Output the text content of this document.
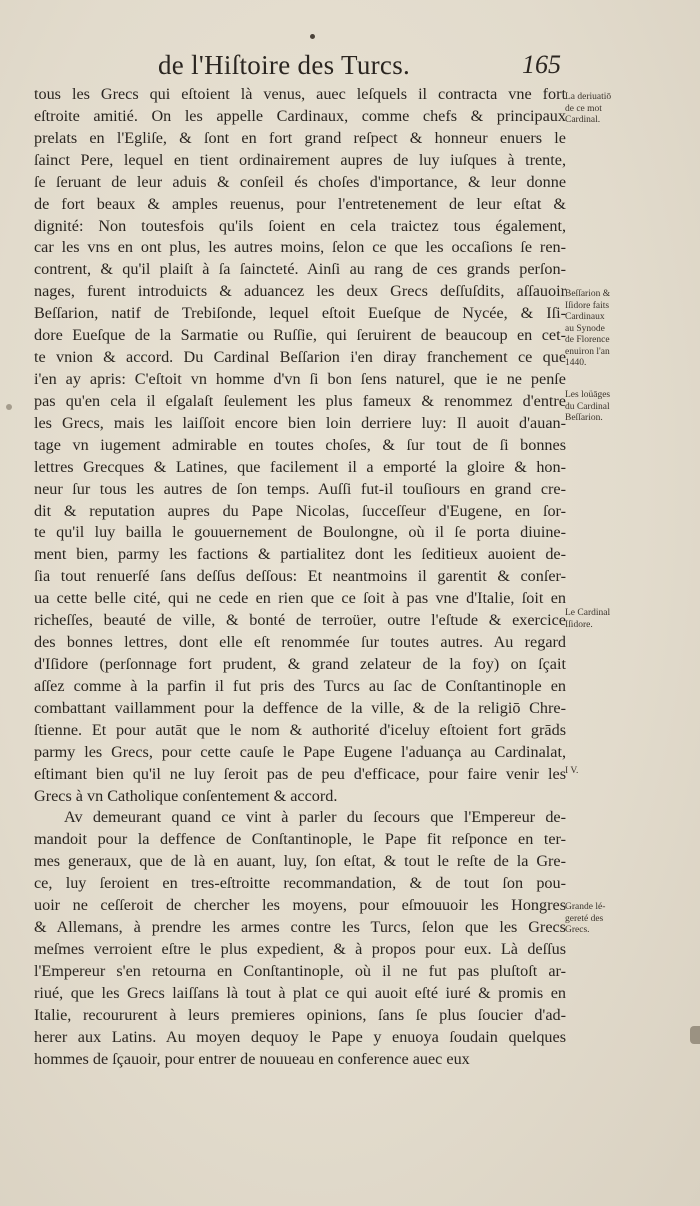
de l'Hiſtoire des Turcs.	165
tous les Grecs qui eſtoient là venus, auec leſquels il contracta vne fort
eſtroite amitié. On les appelle Cardinaux, comme chefs & principaux
prelats en l'Egliſe, & ſont en fort grand reſpect & honneur enuers le
ſainct Pere, lequel en tient ordinairement aupres de luy iuſques à trente,
ſe ſeruant de leur aduis & conſeil és choſes d'importance, & leur donne
de fort beaux & amples reuenus, pour l'entretenement de leur eſtat &
dignité: Non toutesfois qu'ils ſoient en cela traictez tous également,
car les vns en ont plus, les autres moins, ſelon ce que les occaſions ſe ren-
contrent, & qu'il plaiſt à ſa ſaincteté. Ainſi au rang de ces grands perſon-
nages, furent introduicts & aduancez les deux Grecs deſſuſdits, aſſauoir
Beſſarion, natif de Trebiſonde, lequel eſtoit Eueſque de Nycée, & Iſi-
dore Eueſque de la Sarmatie ou Ruſſie, qui ſeruirent de beaucoup en cet-
te vnion & accord. Du Cardinal Beſſarion i'en diray franchement ce que
i'en ay apris: C'eſtoit vn homme d'vn ſi bon ſens naturel, que ie ne penſe
pas qu'en cela il eſgalaſt ſeulement les plus fameux & renommez d'entre
les Grecs, mais les laiſſoit encore bien loin derriere luy: Il auoit d'auan-
tage vn iugement admirable en toutes choſes, & ſur tout de ſi bonnes
lettres Grecques & Latines, que facilement il a emporté la gloire & hon-
neur ſur tous les autres de ſon temps. Auſſi fut-il touſiours en grand cre-
dit & reputation aupres du Pape Nicolas, ſucceſſeur d'Eugene, en ſor-
te qu'il luy bailla le gouuernement de Boulongne, où il ſe porta diuine-
ment bien, parmy les factions & partialitez dont les ſeditieux auoient de-
ſia tout renuerſé ſans deſſus deſſous: Et neantmoins il garentit & conſer-
ua cette belle cité, qui ne cede en rien que ce ſoit à pas vne d'Italie, ſoit en
richeſſes, beauté de ville, & bonté de terroüer, outre l'eſtude & exercice
des bonnes lettres, dont elle eſt renommée ſur toutes autres. Au regard
d'Iſidore (perſonnage fort prudent, & grand zelateur de la foy) on ſçait
aſſez comme à la parfin il fut pris des Turcs au ſac de Conſtantinople en
combattant vaillamment pour la deffence de la ville, & de la religiō Chre-
ſtienne. Et pour autāt que le nom & authorité d'iceluy eſtoient fort grāds
parmy les Grecs, pour cette cauſe le Pape Eugene l'aduança au Cardinalat,
eſtimant bien qu'il ne luy ſeroit pas de peu d'efficace, pour faire venir les
Grecs à vn Catholique conſentement & accord.
Av demeurant quand ce vint à parler du ſecours que l'Empereur de-
mandoit pour la deffence de Conſtantinople, le Pape fit reſponce en ter-
mes generaux, que de là en auant, luy, ſon eſtat, & tout le reſte de la Gre-
ce, luy ſeroient en tres-eſtroitte recommandation, & de tout ſon pou-
uoir ne ceſſeroit de chercher les moyens, pour eſmouuoir les Hongres
& Allemans, à prendre les armes contre les Turcs, ſelon que les Grecs
meſmes verroient eſtre le plus expedient, & à propos pour eux. Là deſſus
l'Empereur s'en retourna en Conſtantinople, où il ne fut pas pluſtoſt ar-
riué, que les Grecs laiſſans là tout à plat ce qui auoit eſté iuré & promis en
Italie, recoururent à leurs premieres opinions, ſans ſe plus ſoucier d'ad-
herer aux Latins. Au moyen dequoy le Pape y enuoya ſoudain quelques
hommes de ſçauoir, pour entrer de nouueau en conference auec eux
La deriuatiō
de ce mot
Cardinal.
Beſſarion &
Iſidore faits
Cardinaux
au Synode
de Florence
enuiron l'an
1440.
Les loüāges
du Cardinal
Beſſarion.
Le Cardinal
Iſidore.
I V.
Grande lé-
gereté des
Grecs.
